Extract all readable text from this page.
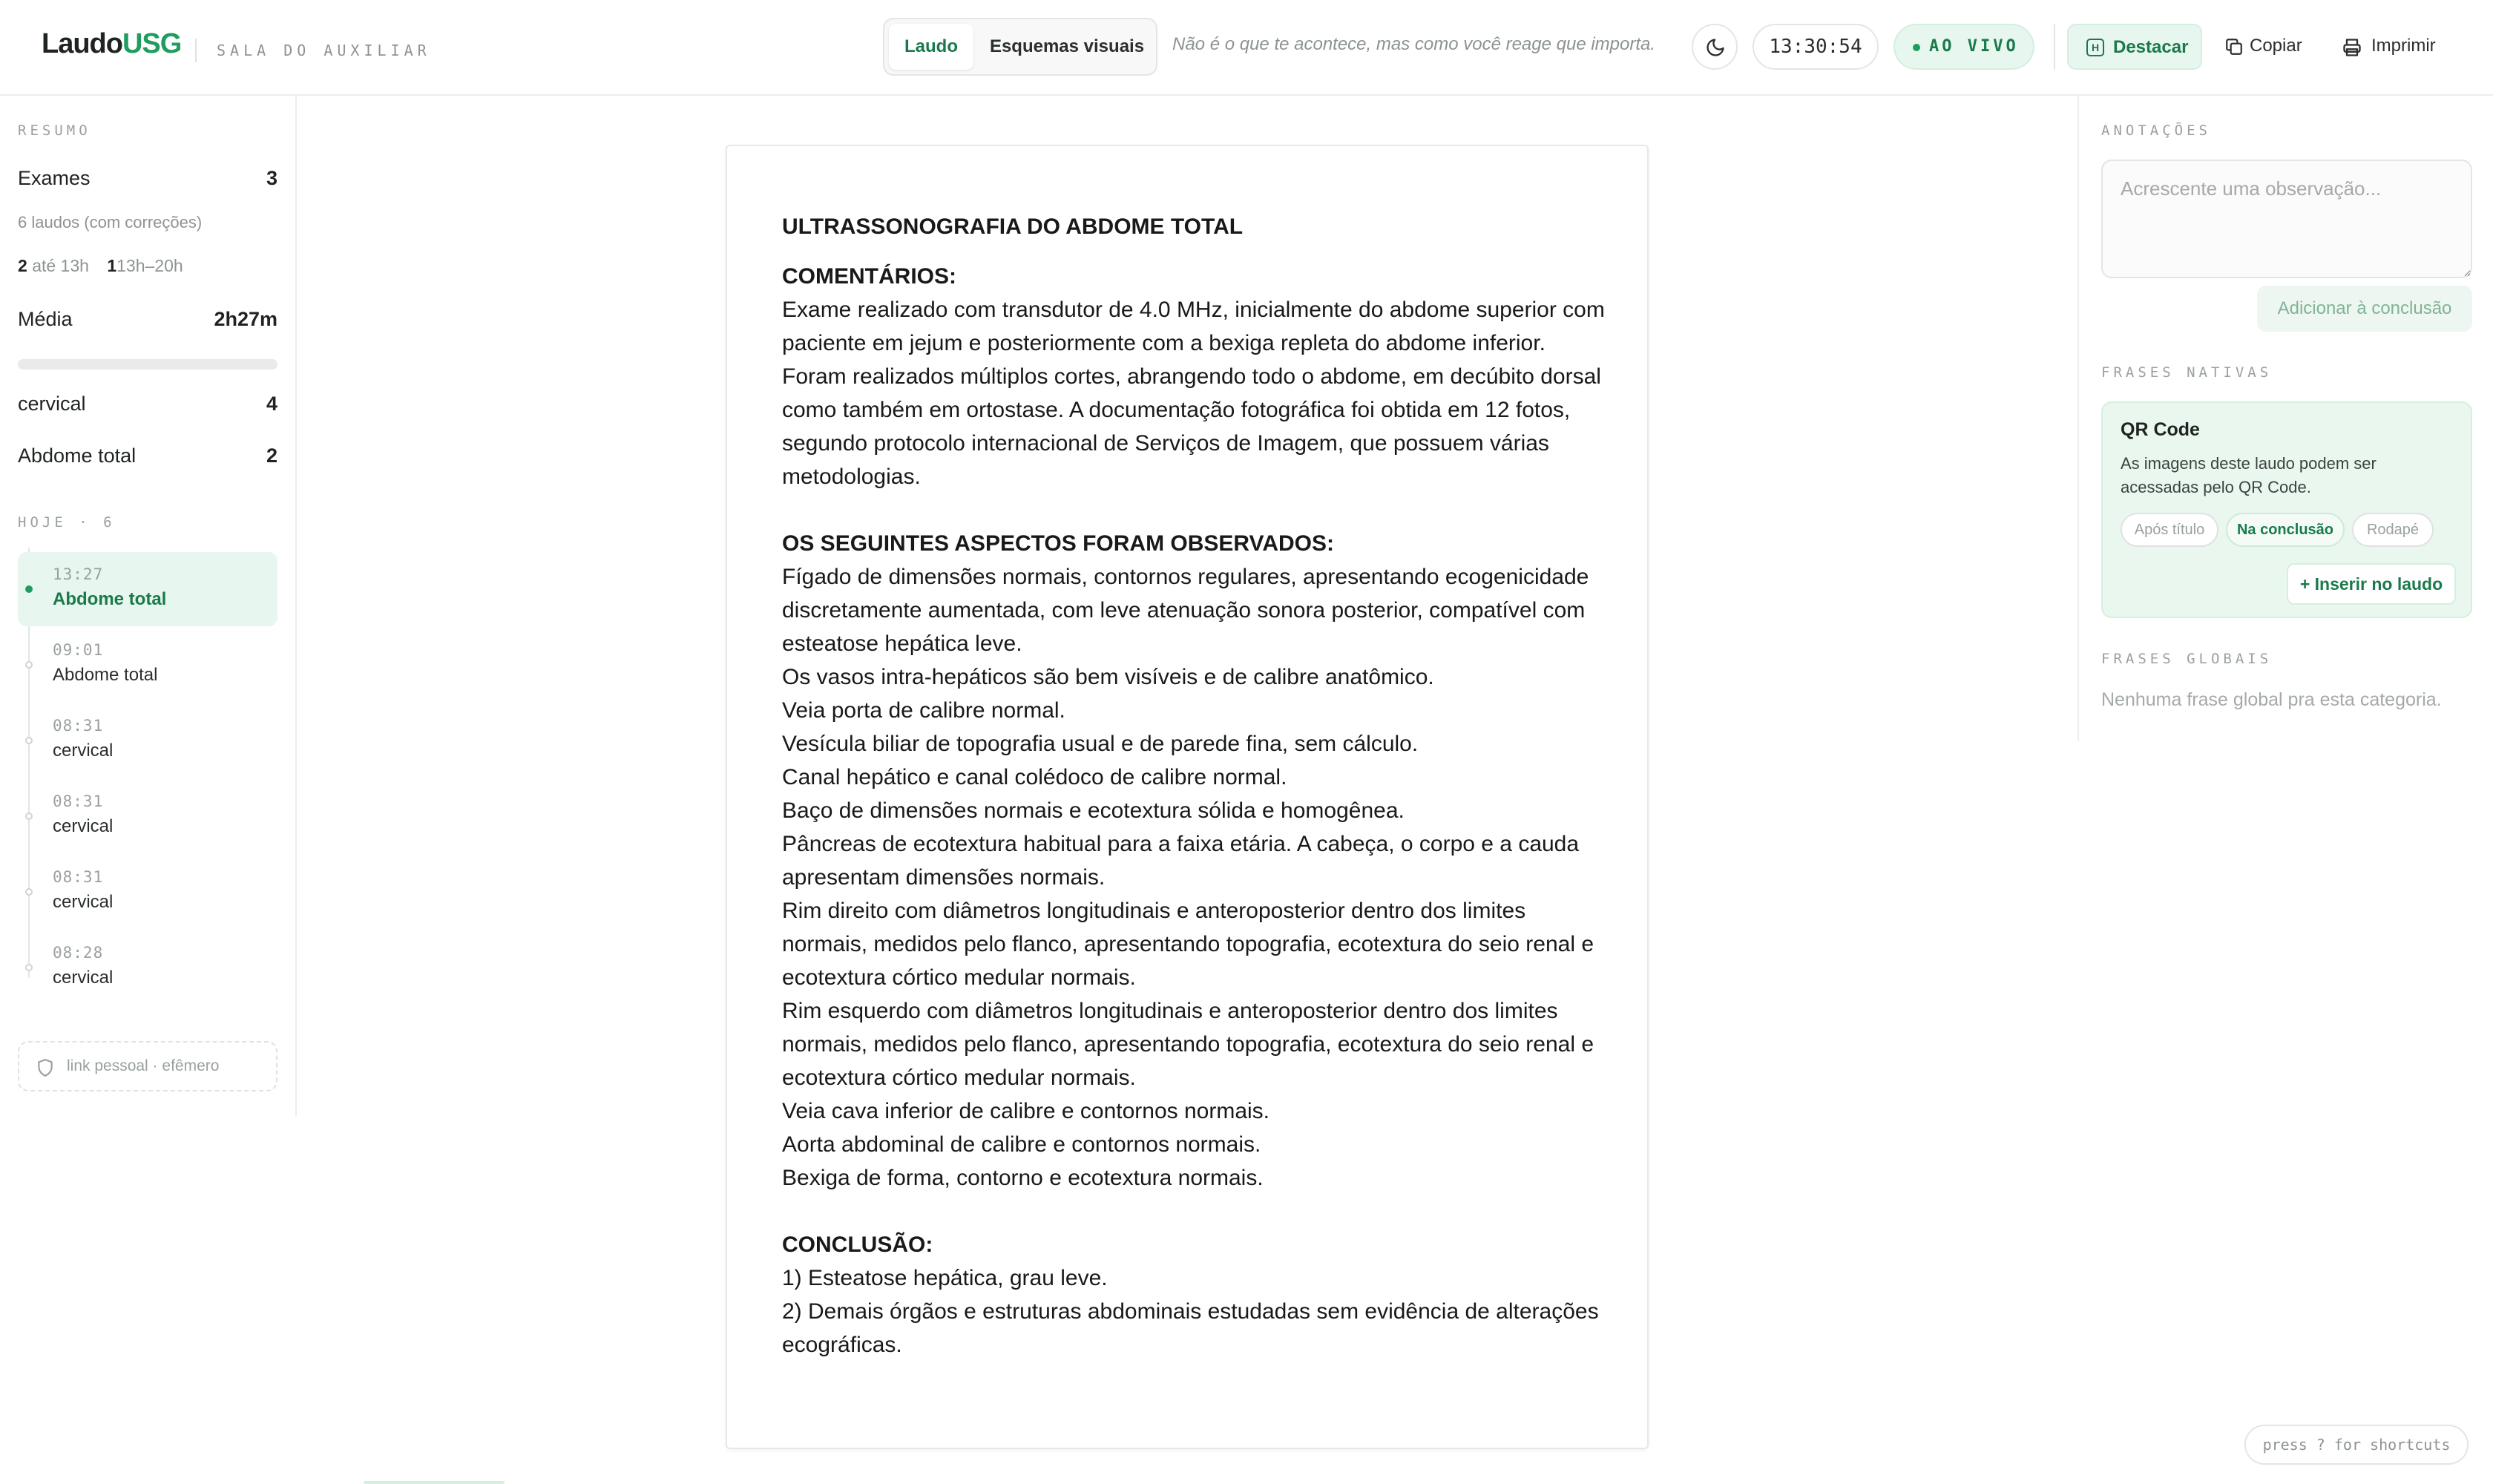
LaudoUSG SALA DO AUXILIAR	Laudo	Esquemas visuais	Não é o que te acontece, mas como você reage que importa.	13:30:54	AO VIVO	H Destacar	Copiar	Imprimir
RESUMO
Exames	3
6 laudos (com correções)
2 até 13h 113h–20h
Média	2h27m
cervical	4
Abdome total	2
HOJE · 6
13:27
Abdome total
09:01
Abdome total
08:31
cervical
08:31
cervical
08:31
cervical
08:28
cervical
link pessoal · efêmero
ULTRASSONOGRAFIA DO ABDOME TOTAL
COMENTÁRIOS:
Exame realizado com transdutor de 4.0 MHz, inicialmente do abdome superior com paciente em jejum e posteriormente com a bexiga repleta do abdome inferior. Foram realizados múltiplos cortes, abrangendo todo o abdome, em decúbito dorsal como também em ortostase. A documentação fotográfica foi obtida em 12 fotos, segundo protocolo internacional de Serviços de Imagem, que possuem várias metodologias.
OS SEGUINTES ASPECTOS FORAM OBSERVADOS:
Fígado de dimensões normais, contornos regulares, apresentando ecogenicidade discretamente aumentada, com leve atenuação sonora posterior, compatível com esteatose hepática leve.
Os vasos intra-hepáticos são bem visíveis e de calibre anatômico.
Veia porta de calibre normal.
Vesícula biliar de topografia usual e de parede fina, sem cálculo.
Canal hepático e canal colédoco de calibre normal.
Baço de dimensões normais e ecotextura sólida e homogênea.
Pâncreas de ecotextura habitual para a faixa etária. A cabeça, o corpo e a cauda apresentam dimensões normais.
Rim direito com diâmetros longitudinais e anteroposterior dentro dos limites normais, medidos pelo flanco, apresentando topografia, ecotextura do seio renal e ecotextura córtico medular normais.
Rim esquerdo com diâmetros longitudinais e anteroposterior dentro dos limites normais, medidos pelo flanco, apresentando topografia, ecotextura do seio renal e ecotextura córtico medular normais.
Veia cava inferior de calibre e contornos normais.
Aorta abdominal de calibre e contornos normais.
Bexiga de forma, contorno e ecotextura normais.
CONCLUSÃO:
1) Esteatose hepática, grau leve.
2) Demais órgãos e estruturas abdominais estudadas sem evidência de alterações ecográficas.
ANOTAÇÕES
Acrescente uma observação...
Adicionar à conclusão
FRASES NATIVAS
QR Code
As imagens deste laudo podem ser acessadas pelo QR Code.
Após título	Na conclusão	Rodapé
+ Inserir no laudo
FRASES GLOBAIS
Nenhuma frase global pra esta categoria.
press ? for shortcuts
